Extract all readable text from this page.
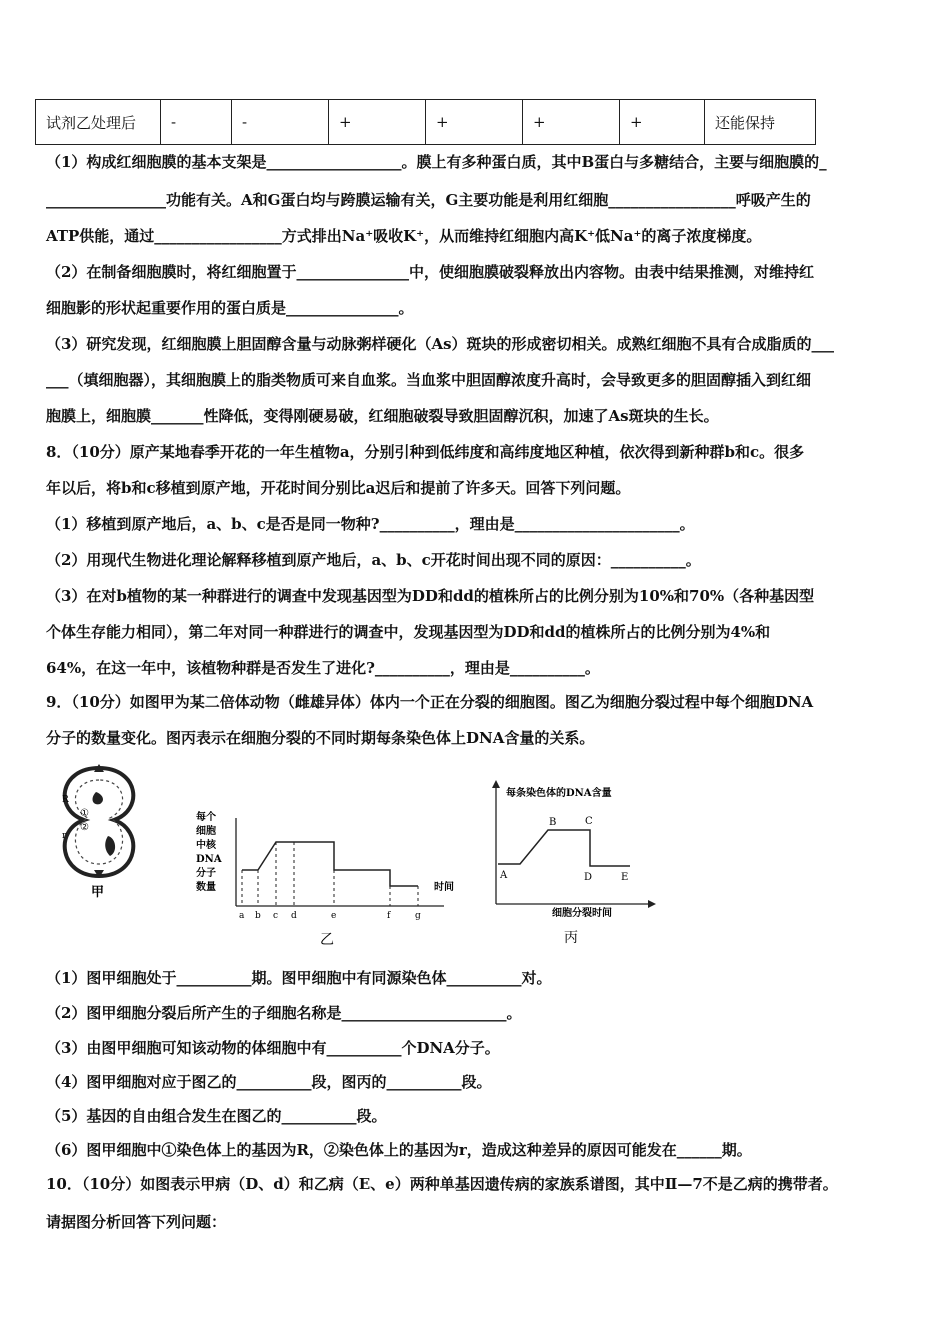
试剂乙处理后	-	-	+	+	+	+	还能保持
（1）构成红细胞膜的基本支架是__________________。膜上有多种蛋白质，其中B蛋白与多糖结合，主要与细胞膜的_
________________功能有关。A和G蛋白均与跨膜运输有关，G主要功能是利用红细胞_________________呼吸产生的
ATP供能，通过_________________方式排出Na⁺吸收K⁺，从而维持红细胞内高K⁺低Na⁺的离子浓度梯度。
（2）在制备细胞膜时，将红细胞置于_______________中，使细胞膜破裂释放出内容物。由表中结果推测，对维持红
细胞影的形状起重要作用的蛋白质是_______________。
（3）研究发现，红细胞膜上胆固醇含量与动脉粥样硬化（As）斑块的形成密切相关。成熟红细胞不具有合成脂质的___
___（填细胞器），其细胞膜上的脂类物质可来自血浆。当血浆中胆固醇浓度升高时，会导致更多的胆固醇插入到红细
胞膜上，细胞膜_______性降低，变得刚硬易破，红细胞破裂导致胆固醇沉积，加速了As斑块的生长。
8．（10分）原产某地春季开花的一年生植物a，分别引种到低纬度和高纬度地区种植，依次得到新种群b和c。很多
年以后，将b和c移植到原产地，开花时间分别比a迟后和提前了许多天。回答下列问题。
（1）移植到原产地后，a、b、c是否是同一物种?__________，理由是______________________。
（2）用现代生物进化理论解释移植到原产地后，a、b、c开花时间出现不同的原因：__________。
（3）在对b植物的某一种群进行的调查中发现基因型为DD和dd的植株所占的比例分别为10%和70%（各种基因型
个体生存能力相同），第二年对同一种群进行的调查中，发现基因型为DD和dd的植株所占的比例分别为4%和
64%，在这一年中，该植物种群是否发生了进化?__________，理由是__________。
9．（10分）如图甲为某二倍体动物（雌雄异体）体内一个正在分裂的细胞图。图乙为细胞分裂过程中每个细胞DNA
分子的数量变化。图丙表示在细胞分裂的不同时期每条染色体上DNA含量的关系。
R
①
②
r
甲
每个
细胞
中核
DNA
分子
数量
a b c d	e	f	g
时间
乙
每条染色体的DNA含量
A
B	C
D	E
细胞分裂时间
丙
（1）图甲细胞处于__________期。图甲细胞中有同源染色体__________对。
（2）图甲细胞分裂后所产生的子细胞名称是______________________。
（3）由图甲细胞可知该动物的体细胞中有__________个DNA分子。
（4）图甲细胞对应于图乙的__________段，图丙的__________段。
（5）基因的自由组合发生在图乙的__________段。
（6）图甲细胞中①染色体上的基因为R，②染色体上的基因为r，造成这种差异的原因可能发在______期。
10．（10分）如图表示甲病（D、d）和乙病（E、e）两种单基因遗传病的家族系谱图，其中Ⅱ—7不是乙病的携带者。
请据图分析回答下列问题：
